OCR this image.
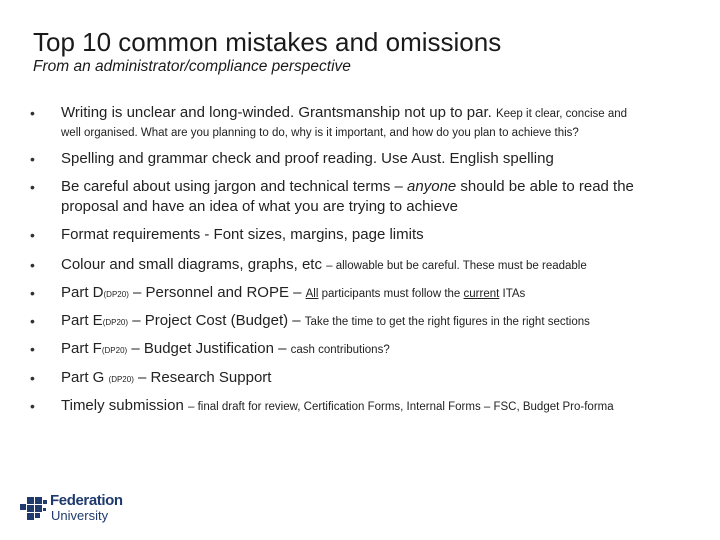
Top 10 common mistakes and omissions
From an administrator/compliance perspective
• Writing is unclear and long-winded. Grantsmanship not up to par. Keep it clear, concise and
well organised. What are you planning to do, why is it important, and how do you plan to achieve this?
• Spelling and grammar check and proof reading. Use Aust. English spelling
• Be careful about using jargon and technical terms – anyone should be able to read the
proposal and have an idea of what you are trying to achieve
• Format requirements - Font sizes, margins, page limits
• Colour and small diagrams, graphs, etc – allowable but be careful. These must be readable
• Part D(DP20) – Personnel and ROPE – All participants must follow the current ITAs
• Part E(DP20) – Project Cost (Budget) – Take the time to get the right figures in the right sections
• Part F(DP20) – Budget Justification – cash contributions?
• Part G (DP20) – Research Support
• Timely submission – final draft for review, Certification Forms, Internal Forms – FSC, Budget Pro-forma
Federation
University
